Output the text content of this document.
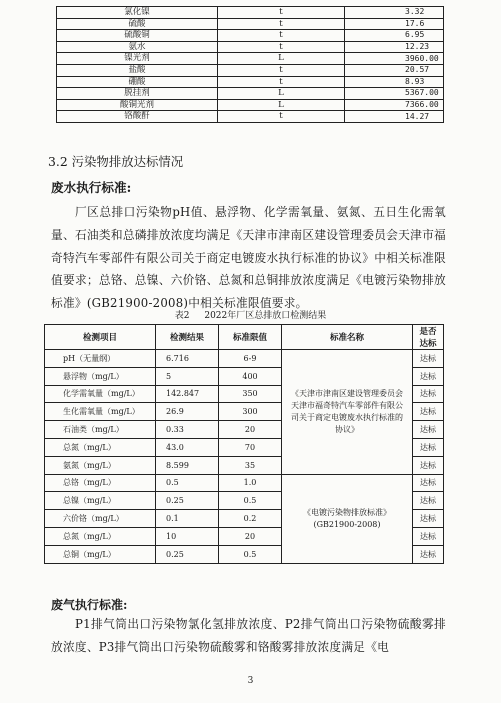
氯化镍	t	3.32
硫酸	t	17.6
硫酸铜	t	6.95
氨水	t	12.23
镍光剂	L	3960.00
盐酸	t	20.57
硼酸	t	8.93
脱挂剂	L	5367.00
酸铜光剂	L	7366.00
铬酸酐	t	14.27
3.2 污染物排放达标情况
废水执行标准:
厂区总排口污染物pH值、悬浮物、化学需氧量、氨氮、五日生化需氧量、石油类和总磷排放浓度均满足《天津市津南区建设管理委员会天津市福奇特汽车零部件有限公司关于商定电镀废水执行标准的协议》中相关标准限值要求；总铬、总镍、六价铬、总氮和总铜排放浓度满足《电镀污染物排放标准》(GB21900-2008)中相关标准限值要求。
表2 2022年厂区总排放口检测结果
检测项目	检测结果	标准限值	标准名称	是否达标
pH（无量纲）	6.716	6-9	《天津市津南区建设管理委员会天津市福奇特汽车零部件有限公司关于商定电镀废水执行标准的协议》	达标
悬浮物（mg/L）	5	400		达标
化学需氧量（mg/L）	142.847	350		达标
生化需氧量（mg/L）	26.9	300		达标
石油类（mg/L）	0.33	20		达标
总氮（mg/L）	43.0	70		达标
氨氮（mg/L）	8.599	35		达标
总铬（mg/L）	0.5	1.0	《电镀污染物排放标准》(GB21900-2008)	达标
总镍（mg/L）	0.25	0.5		达标
六价铬（mg/L）	0.1	0.2		达标
总氮（mg/L）	10	20		达标
总铜（mg/L）	0.25	0.5		达标
废气执行标准:
P1排气筒出口污染物氯化氢排放浓度、P2排气筒出口污染物硫酸雾排放浓度、P3排气筒出口污染物硫酸雾和铬酸雾排放浓度满足《电
3
